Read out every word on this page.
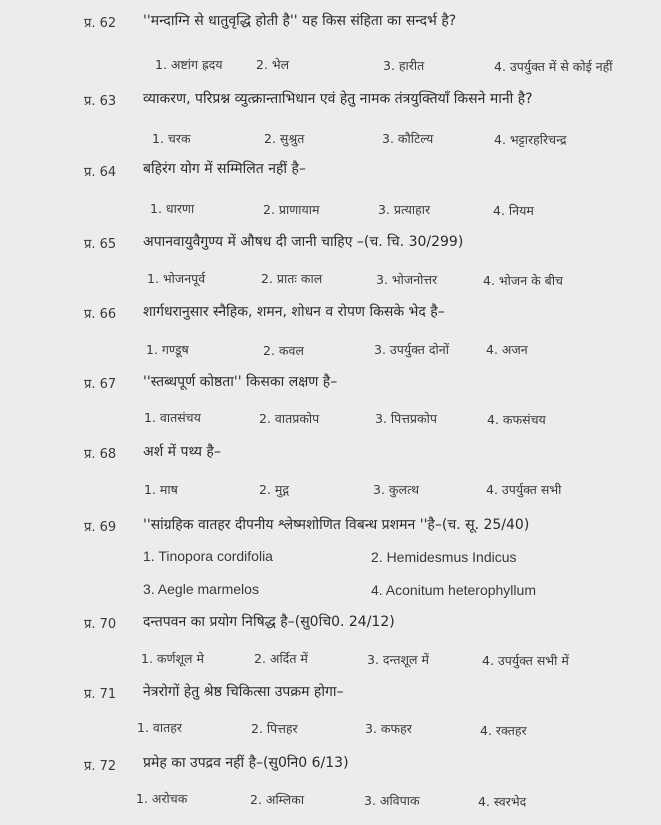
प्र. 62 ''मन्दाग्नि से धातुवृद्धि होती है'' यह किस संहिता का सन्दर्भ है?
1. अष्टांग ह्रदय	2. भेल	3. हारीत	4. उपर्युक्त में से कोई नहीं
प्र. 63 व्याकरण, परिप्रश्न व्युत्क्रान्ताभिधान एवं हेतु नामक तंत्रयुक्तियाँ किसने मानी है?
1. चरक	2. सुश्रुत	3. कौटिल्य	4. भट्टारहरिचन्द्र
प्र. 64 बहिरंग योग में सम्मिलित नहीं है–
1. धारणा	2. प्राणायाम	3. प्रत्याहार	4. नियम
प्र. 65 अपानवायुवैगुण्य में औषध दी जानी चाहिए –(च. चि. 30/299)
1. भोजनपूर्व	2. प्रातः काल	3. भोजनोत्तर	4. भोजन के बीच
प्र. 66 शार्गधरानुसार स्नैहिक, शमन, शोधन व रोपण किसके भेद है–
1. गण्डूष	2. कवल	3. उपर्युक्त दोनों	4. अजन
प्र. 67 ''स्तब्धपूर्ण कोष्ठता'' किसका लक्षण है–
1. वातसंचय	2. वातप्रकोप	3. पित्तप्रकोप	4. कफसंचय
प्र. 68 अर्श में पथ्य है–
1. माष	2. मुद्ग	3. कुलत्थ	4. उपर्युक्त सभी
प्र. 69 ''सांग्रहिक वातहर दीपनीय श्लेष्मशोणित विबन्ध प्रशमन ''है–(च. सू. 25/40)
1. Tinopora cordifolia	2. Hemidesmus Indicus
3. Aegle marmelos	4. Aconitum heterophyllum
प्र. 70 दन्तपवन का प्रयोग निषिद्ध है–(सु0चि0. 24/12)
1. कर्णशूल मे	2. अर्दित में	3. दन्तशूल में	4. उपर्युक्त सभी में
प्र. 71 नेत्ररोगों हेतु श्रेष्ठ चिकित्सा उपक्रम होगा–
1. वातहर	2. पित्तहर	3. कफहर	4. रक्तहर
प्र. 72 प्रमेह का उपद्रव नहीं है–(सु0नि0 6/13)
1. अरोचक	2. अम्लिका	3. अविपाक	4. स्वरभेद
